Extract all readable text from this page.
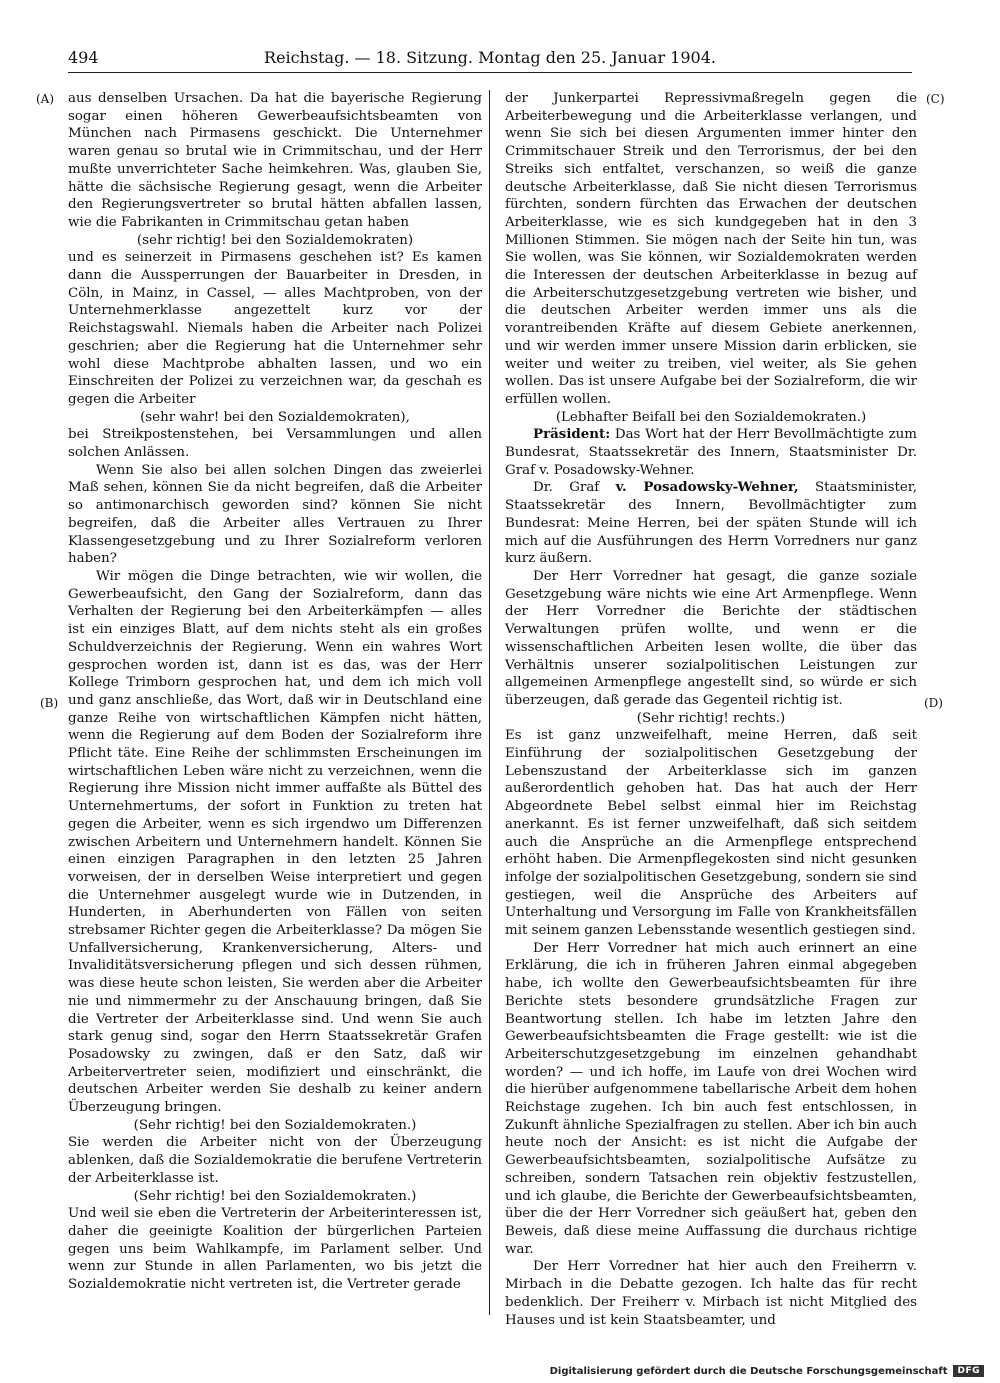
494	Reichstag. — 18. Sitzung. Montag den 25. Januar 1904.
(A)
(B)
(C)
(D)

aus denselben Ursachen. Da hat die bayerische Regierung sogar einen höheren Gewerbeaufsichtsbeamten von München nach Pirmasens geschickt. Die Unternehmer waren genau so brutal wie in Crimmitschau, und der Herr mußte unverrichteter Sache heimkehren. Was, glauben Sie, hätte die sächsische Regierung gesagt, wenn die Arbeiter den Regierungsvertreter so brutal hätten abfallen lassen, wie die Fabrikanten in Crimmitschau getan haben

(sehr richtig! bei den Sozialdemokraten)

und es seinerzeit in Pirmasens geschehen ist? Es kamen dann die Aussperrungen der Bauarbeiter in Dresden, in Cöln, in Mainz, in Cassel, — alles Machtproben, von der Unternehmerklasse angezettelt kurz vor der Reichstagswahl. Niemals haben die Arbeiter nach Polizei geschrien; aber die Regierung hat die Unternehmer sehr wohl diese Machtprobe abhalten lassen, und wo ein Einschreiten der Polizei zu verzeichnen war, da geschah es gegen die Arbeiter

(sehr wahr! bei den Sozialdemokraten),

bei Streikpostenstehen, bei Versammlungen und allen solchen Anlässen.

Wenn Sie also bei allen solchen Dingen das zweierlei Maß sehen, können Sie da nicht begreifen, daß die Arbeiter so antimonarchisch geworden sind? können Sie nicht begreifen, daß die Arbeiter alles Vertrauen zu Ihrer Klassengesetzgebung und zu Ihrer Sozialreform verloren haben?

Wir mögen die Dinge betrachten, wie wir wollen, die Gewerbeaufsicht, den Gang der Sozialreform, dann das Verhalten der Regierung bei den Arbeiterkämpfen — alles ist ein einziges Blatt, auf dem nichts steht als ein großes Schuldverzeichnis der Regierung. Wenn ein wahres Wort gesprochen worden ist, dann ist es das, was der Herr Kollege Trimborn gesprochen hat, und dem ich mich voll und ganz anschließe, das Wort, daß wir in Deutschland eine ganze Reihe von wirtschaftlichen Kämpfen nicht hätten, wenn die Regierung auf dem Boden der Sozialreform ihre Pflicht täte. Eine Reihe der schlimmsten Erscheinungen im wirtschaftlichen Leben wäre nicht zu verzeichnen, wenn die Regierung ihre Mission nicht immer auffaßte als Büttel des Unternehmertums, der sofort in Funktion zu treten hat gegen die Arbeiter, wenn es sich irgendwo um Differenzen zwischen Arbeitern und Unternehmern handelt. Können Sie einen einzigen Paragraphen in den letzten 25 Jahren vorweisen, der in derselben Weise interpretiert und gegen die Unternehmer ausgelegt wurde wie in Dutzenden, in Hunderten, in Aberhunderten von Fällen von seiten strebsamer Richter gegen die Arbeiterklasse? Da mögen Sie Unfallversicherung, Krankenversicherung, Alters- und Invaliditätsversicherung pflegen und sich dessen rühmen, was diese heute schon leisten, Sie werden aber die Arbeiter nie und nimmermehr zu der Anschauung bringen, daß Sie die Vertreter der Arbeiterklasse sind. Und wenn Sie auch stark genug sind, sogar den Herrn Staatssekretär Grafen Posadowsky zu zwingen, daß er den Satz, daß wir Arbeitervertreter seien, modifiziert und einschränkt, die deutschen Arbeiter werden Sie deshalb zu keiner andern Überzeugung bringen.

(Sehr richtig! bei den Sozialdemokraten.)

Sie werden die Arbeiter nicht von der Überzeugung ablenken, daß die Sozialdemokratie die berufene Vertreterin der Arbeiterklasse ist.

(Sehr richtig! bei den Sozialdemokraten.)

Und weil sie eben die Vertreterin der Arbeiterinteressen ist, daher die geeinigte Koalition der bürgerlichen Parteien gegen uns beim Wahlkampfe, im Parlament selber. Und wenn zur Stunde in allen Parlamenten, wo bis jetzt die Sozialdemokratie nicht vertreten ist, die Vertreter gerade

der Junkerpartei Repressivmaßregeln gegen die Arbeiterbewegung und die Arbeiterklasse verlangen, und wenn Sie sich bei diesen Argumenten immer hinter den Crimmitschauer Streik und den Terrorismus, der bei den Streiks sich entfaltet, verschanzen, so weiß die ganze deutsche Arbeiterklasse, daß Sie nicht diesen Terrorismus fürchten, sondern fürchten das Erwachen der deutschen Arbeiterklasse, wie es sich kundgegeben hat in den 3 Millionen Stimmen. Sie mögen nach der Seite hin tun, was Sie wollen, was Sie können, wir Sozialdemokraten werden die Interessen der deutschen Arbeiterklasse in bezug auf die Arbeiterschutzgesetzgebung vertreten wie bisher, und die deutschen Arbeiter werden immer uns als die vorantreibenden Kräfte auf diesem Gebiete anerkennen, und wir werden immer unsere Mission darin erblicken, sie weiter und weiter zu treiben, viel weiter, als Sie gehen wollen. Das ist unsere Aufgabe bei der Sozialreform, die wir erfüllen wollen.

(Lebhafter Beifall bei den Sozialdemokraten.)

Präsident: Das Wort hat der Herr Bevollmächtigte zum Bundesrat, Staatssekretär des Innern, Staatsminister Dr. Graf v. Posadowsky-Wehner.

Dr. Graf v. Posadowsky-Wehner, Staatsminister, Staatssekretär des Innern, Bevollmächtigter zum Bundesrat: Meine Herren, bei der späten Stunde will ich mich auf die Ausführungen des Herrn Vorredners nur ganz kurz äußern.

Der Herr Vorredner hat gesagt, die ganze soziale Gesetzgebung wäre nichts wie eine Art Armenpflege. Wenn der Herr Vorredner die Berichte der städtischen Verwaltungen prüfen wollte, und wenn er die wissenschaftlichen Arbeiten lesen wollte, die über das Verhältnis unserer sozialpolitischen Leistungen zur allgemeinen Armenpflege angestellt sind, so würde er sich überzeugen, daß gerade das Gegenteil richtig ist.

(Sehr richtig! rechts.)

Es ist ganz unzweifelhaft, meine Herren, daß seit Einführung der sozialpolitischen Gesetzgebung der Lebenszustand der Arbeiterklasse sich im ganzen außerordentlich gehoben hat. Das hat auch der Herr Abgeordnete Bebel selbst einmal hier im Reichstag anerkannt. Es ist ferner unzweifelhaft, daß sich seitdem auch die Ansprüche an die Armenpflege entsprechend erhöht haben. Die Armenpflegekosten sind nicht gesunken infolge der sozialpolitischen Gesetzgebung, sondern sie sind gestiegen, weil die Ansprüche des Arbeiters auf Unterhaltung und Versorgung im Falle von Krankheitsfällen mit seinem ganzen Lebensstande wesentlich gestiegen sind.

Der Herr Vorredner hat mich auch erinnert an eine Erklärung, die ich in früheren Jahren einmal abgegeben habe, ich wollte den Gewerbeaufsichtsbeamten für ihre Berichte stets besondere grundsätzliche Fragen zur Beantwortung stellen. Ich habe im letzten Jahre den Gewerbeaufsichtsbeamten die Frage gestellt: wie ist die Arbeiterschutzgesetzgebung im einzelnen gehandhabt worden? — und ich hoffe, im Laufe von drei Wochen wird die hierüber aufgenommene tabellarische Arbeit dem hohen Reichstage zugehen. Ich bin auch fest entschlossen, in Zukunft ähnliche Spezialfragen zu stellen. Aber ich bin auch heute noch der Ansicht: es ist nicht die Aufgabe der Gewerbeaufsichtsbeamten, sozialpolitische Aufsätze zu schreiben, sondern Tatsachen rein objektiv festzustellen, und ich glaube, die Berichte der Gewerbeaufsichtsbeamten, über die der Herr Vorredner sich geäußert hat, geben den Beweis, daß diese meine Auffassung die durchaus richtige war.

Der Herr Vorredner hat hier auch den Freiherrn v. Mirbach in die Debatte gezogen. Ich halte das für recht bedenklich. Der Freiherr v. Mirbach ist nicht Mitglied des Hauses und ist kein Staatsbeamter, und

Digitalisierung gefördert durch die Deutsche Forschungsgemeinschaft	DFG
